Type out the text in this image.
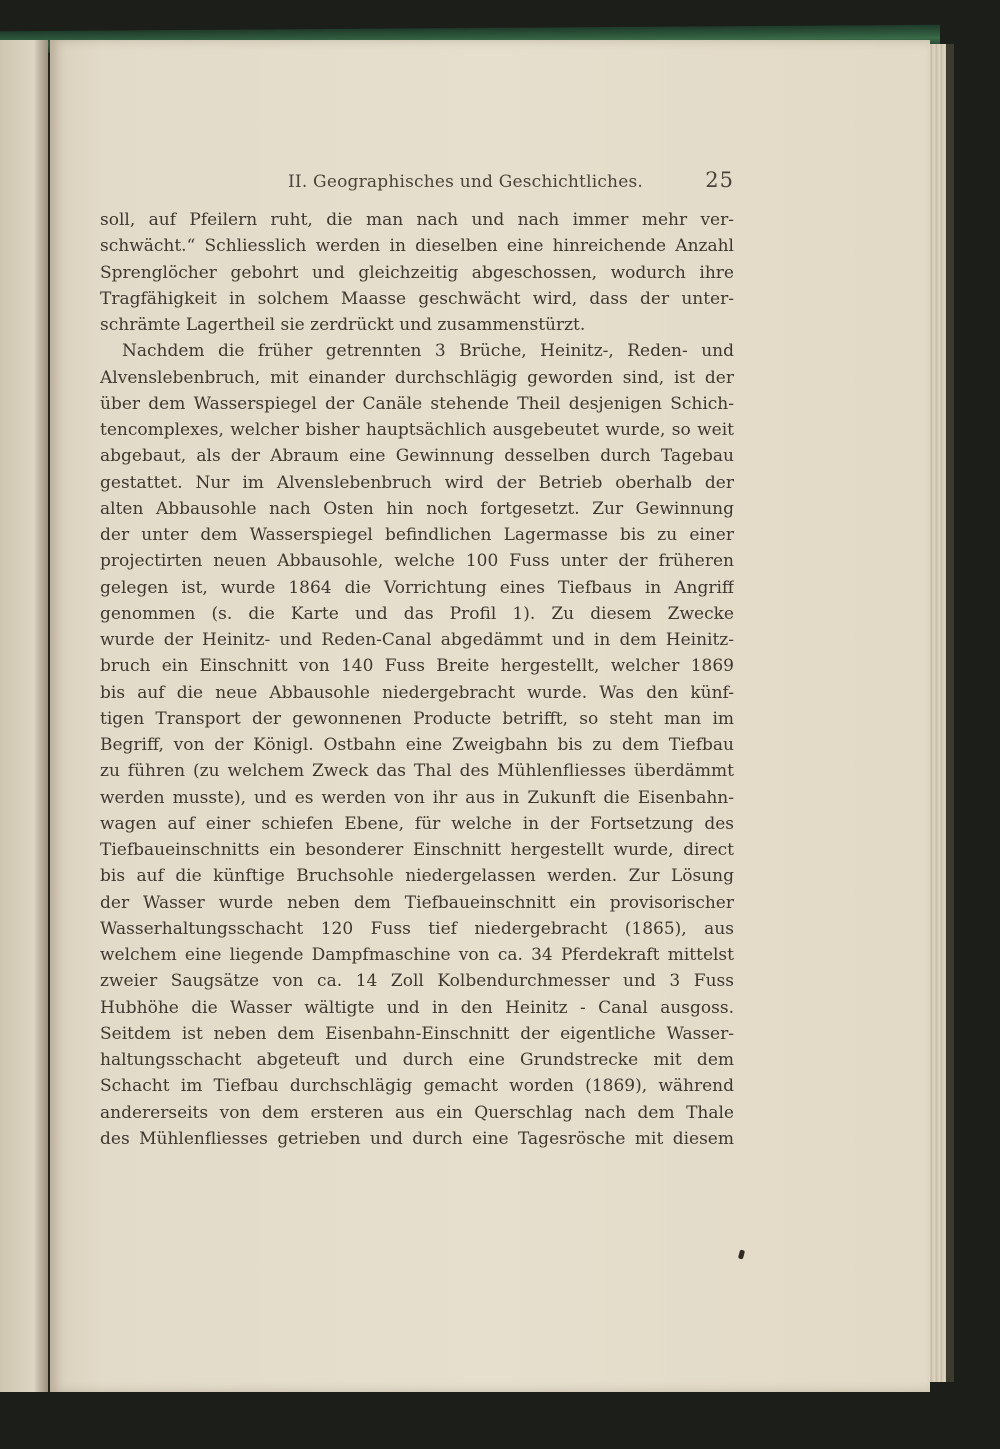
II. Geographisches und Geschichtliches.	25
soll, auf Pfeilern ruht, die man nach und nach immer mehr ver-
schwächt.“ Schliesslich werden in dieselben eine hinreichende Anzahl
Sprenglöcher gebohrt und gleichzeitig abgeschossen, wodurch ihre
Tragfähigkeit in solchem Maasse geschwächt wird, dass der unter-
schrämte Lagertheil sie zerdrückt und zusammenstürzt.
Nachdem die früher getrennten 3 Brüche, Heinitz-, Reden- und
Alvenslebenbruch, mit einander durchschlägig geworden sind, ist der
über dem Wasserspiegel der Canäle stehende Theil desjenigen Schich-
tencomplexes, welcher bisher hauptsächlich ausgebeutet wurde, so weit
abgebaut, als der Abraum eine Gewinnung desselben durch Tagebau
gestattet. Nur im Alvenslebenbruch wird der Betrieb oberhalb der
alten Abbausohle nach Osten hin noch fortgesetzt. Zur Gewinnung
der unter dem Wasserspiegel befindlichen Lagermasse bis zu einer
projectirten neuen Abbausohle, welche 100 Fuss unter der früheren
gelegen ist, wurde 1864 die Vorrichtung eines Tiefbaus in Angriff
genommen (s. die Karte und das Profil 1). Zu diesem Zwecke
wurde der Heinitz- und Reden-Canal abgedämmt und in dem Heinitz-
bruch ein Einschnitt von 140 Fuss Breite hergestellt, welcher 1869
bis auf die neue Abbausohle niedergebracht wurde. Was den künf-
tigen Transport der gewonnenen Producte betrifft, so steht man im
Begriff, von der Königl. Ostbahn eine Zweigbahn bis zu dem Tiefbau
zu führen (zu welchem Zweck das Thal des Mühlenfliesses überdämmt
werden musste), und es werden von ihr aus in Zukunft die Eisenbahn-
wagen auf einer schiefen Ebene, für welche in der Fortsetzung des
Tiefbaueinschnitts ein besonderer Einschnitt hergestellt wurde, direct
bis auf die künftige Bruchsohle niedergelassen werden. Zur Lösung
der Wasser wurde neben dem Tiefbaueinschnitt ein provisorischer
Wasserhaltungsschacht 120 Fuss tief niedergebracht (1865), aus
welchem eine liegende Dampfmaschine von ca. 34 Pferdekraft mittelst
zweier Saugsätze von ca. 14 Zoll Kolbendurchmesser und 3 Fuss
Hubhöhe die Wasser wältigte und in den Heinitz - Canal ausgoss.
Seitdem ist neben dem Eisenbahn-Einschnitt der eigentliche Wasser-
haltungsschacht abgeteuft und durch eine Grundstrecke mit dem
Schacht im Tiefbau durchschlägig gemacht worden (1869), während
andererseits von dem ersteren aus ein Querschlag nach dem Thale
des Mühlenfliesses getrieben und durch eine Tagesrösche mit diesem
